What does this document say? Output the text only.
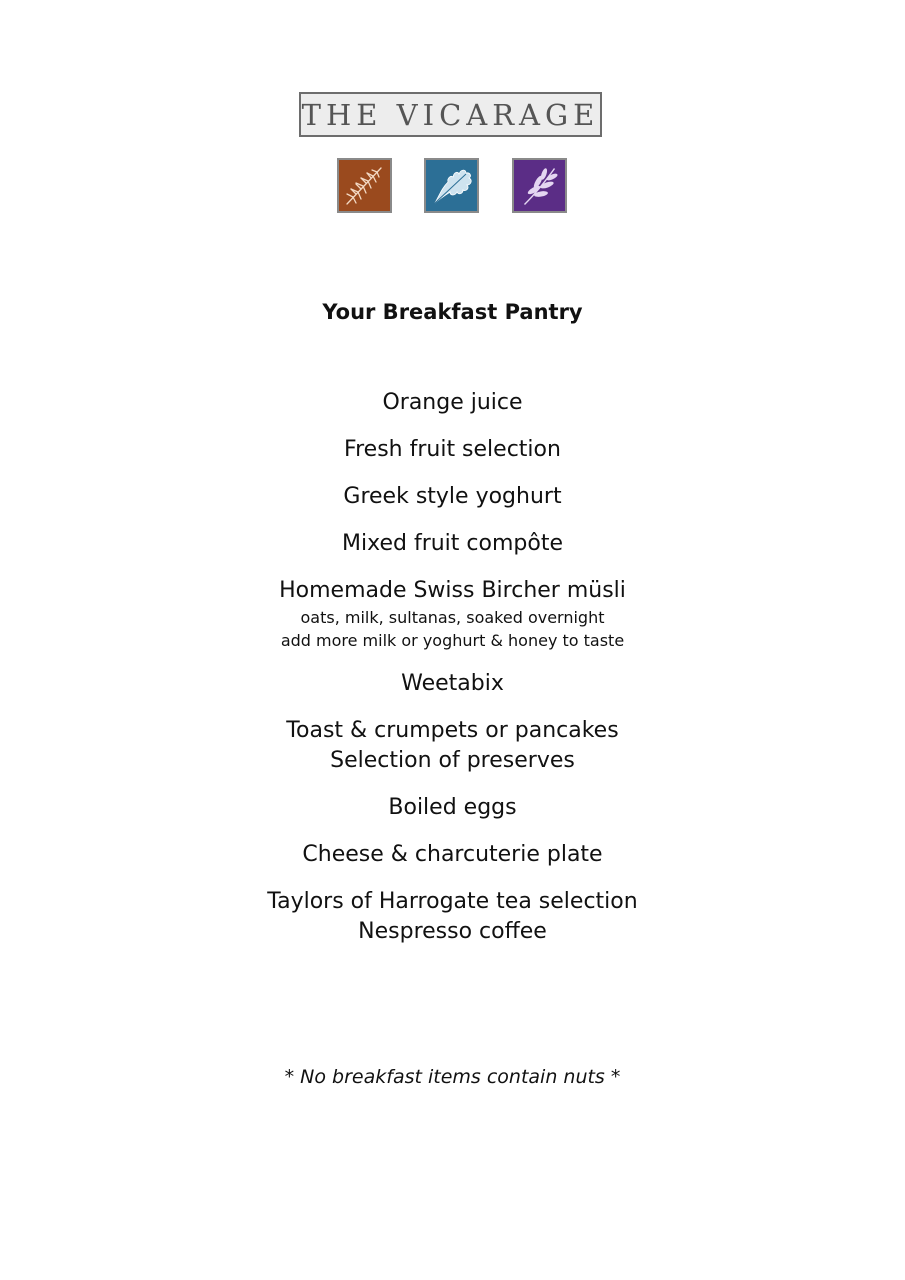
THE VICARAGE
Your Breakfast Pantry
Orange juice
Fresh fruit selection
Greek style yoghurt
Mixed fruit compôte
Homemade Swiss Bircher müsli
oats, milk, sultanas, soaked overnight
add more milk or yoghurt & honey to taste
Weetabix
Toast & crumpets or pancakes
Selection of preserves
Boiled eggs
Cheese & charcuterie plate
Taylors of Harrogate tea selection
Nespresso coffee
* No breakfast items contain nuts *
